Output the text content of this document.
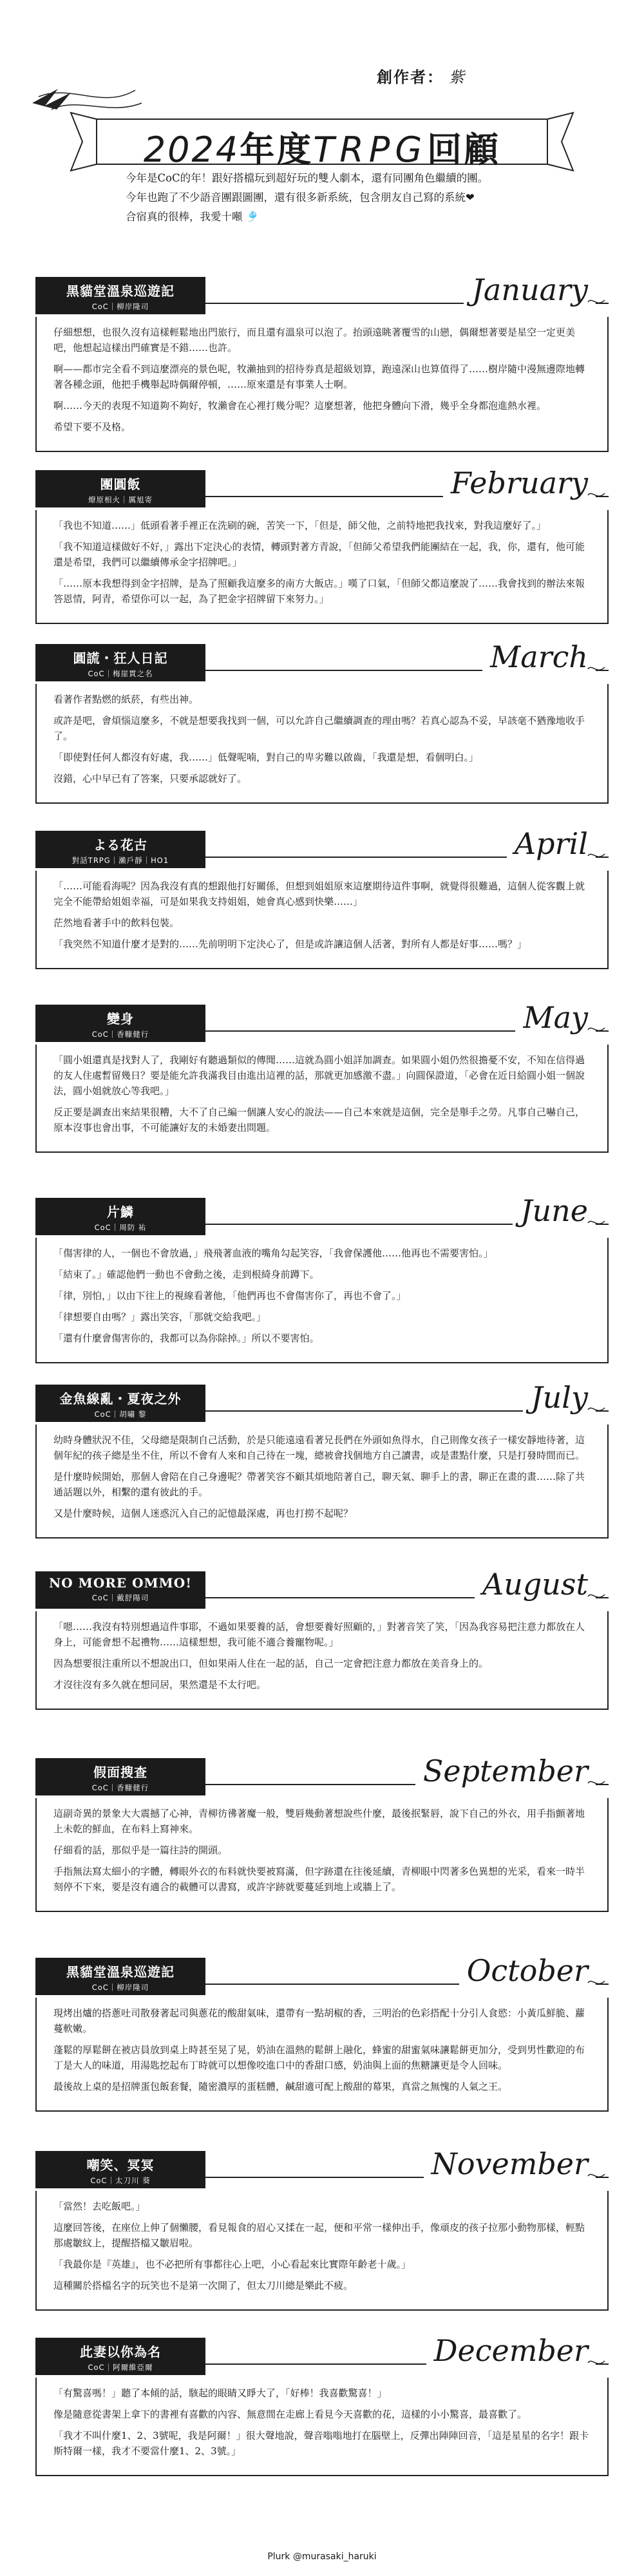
創作者： 紫
2024年度TRPG回顧

今年是CoC的年！跟好搭檔玩到超好玩的雙人劇本，還有同團角色繼續的團。

今年也跑了不少語音團跟圖團，還有很多新系統，包含朋友自己寫的系統❤

合宿真的很棒，我愛十噸 🎐

黑貓堂溫泉巡遊記
CoC｜柳岸隆司	January

仔細想想，也很久沒有這樣輕鬆地出門旅行，而且還有溫泉可以泡了。抬頭遠眺著覆雪的山戀，偶爾想著要是星空一定更美吧，他想起這樣出門確實是不錯……也許。

啊——都市完全看不到這麼漂亮的景色呢，牧瀨抽到的招待券真是超級划算，跑遠深山也算值得了……樹岸隨中漫無邊際地轉著各種念頭，他把手機舉起時偶爾停頓，……原來還是有事業人士啊。

啊……今天的表現不知道夠不夠好，牧瀨會在心裡打幾分呢？這麼想著，他把身體向下滑，幾乎全身都泡進熱水裡。

希望下要不及格。

團圓飯
燎原相火｜厲旭寄	February

「我也不知道……」低頭看著手裡正在洗刷的碗，苦笑一下，「但是，師父他，之前特地把我找來，對我這麼好了。」

「我不知道這樣做好不好，」露出下定決心的表情，轉頭對著方青說，「但師父希望我們能團結在一起，我，你，還有，他可能還是希望，我們可以繼續傳承金字招牌吧。」

「……原本我想得到金字招牌，是為了照顧我這麼多的南方大飯店。」嘆了口氣，「但師父都這麼說了……我會找到的辦法來報答恩情，阿青，希望你可以一起，為了把金字招牌留下來努力。」

圓謊・狂人日記
CoC｜梅崖貫之名	March

看著作者點燃的紙菸，有些出神。

或許是吧，會煩惱這麼多，不就是想要我找到一個，可以允許自己繼續調查的理由嗎？若真心認為不妥，早該毫不猶豫地收手了。

「即使對任何人都沒有好處，我……」低聲呢喃，對自己的卑劣難以啟齒，「我還是想，看個明白。」

沒錯，心中早已有了答案，只要承認就好了。

よる花古
對話TRPG｜瀨戶靜｜HO1	April

「……可能看海呢？因為我沒有真的想跟他打好關係，但想到姐姐原來這麼期待這件事啊，就覺得很難過，這個人從客觀上就完全不能帶給姐姐幸福，可是如果我支持姐姐，她會真心感到快樂……」

茫然地看著手中的飲料包裝。

「我突然不知道什麼才是對的……先前明明下定決心了，但是或許讓這個人活著，對所有人都是好事……嗎？」

變身
CoC｜香糠健行	May

「圓小姐還真是找對人了，我剛好有聽過類似的傳聞……這就為圓小姐詳加調查。如果圓小姐仍然很擔憂不安，不知在信得過的友人住處暫留幾日？要是能允許我滿我目由進出這裡的話，那就更加感激不盡。」向圓保證道，「必會在近日給圓小姐一個說法，圓小姐就放心等我吧。」

反正要是調查出來結果很糟，大不了自己編一個讓人安心的說法——自己本來就是這個，完全是舉手之勞。凡事自己嚇自己，原本沒事也會出事，不可能讓好友的未婚妻出問題。

片鱗
CoC｜周防 祐	June

「傷害律的人，一個也不會放過，」飛飛著血液的嘴角勾起笑容，「我會保護他……他再也不需要害怕。」

「結束了。」確認他們一動也不會動之後，走到根綺身前蹲下。

「律，別怕，」以由下往上的視線看著他，「他們再也不會傷害你了，再也不會了。」

「律想要自由嗎？」露出笑容，「那就交給我吧。」

「還有什麼會傷害你的，我都可以為你除掉。」所以不要害怕。

金魚線亂・夏夜之外
CoC｜胡嘯 黎	July

幼時身體狀況不佳，父母總是限制自己活動，於是只能遠遠看著兄長們在外頭如魚得水，自己則像女孩子一樣安靜地待著，這個年紀的孩子總是坐不住，所以不會有人來和自己待在一塊，總被會找個地方自己讀書，或是畫點什麼，只是打發時間而已。

是什麼時候開始，那個人會陪在自己身邊呢？帶著笑容不顧其煩地陪著自己，聊天氣、聊手上的書，聊正在畫的畫……除了共通話題以外，相繫的還有彼此的手。

又是什麼時候，這個人迷惑沉入自己的記憶最深處，再也打撈不起呢？

NO MORE OMMO!
CoC｜戴舒陽司	August

「嗯……我沒有特別想過這件事耶，不過如果要養的話，會想要養好照顧的，」對著音笑了笑，「因為我容易把注意力都放在人身上，可能會想不起禮物……這樣想想，我可能不適合養寵物呢。」

因為想要很注重所以不想說出口，但如果兩人住在一起的話，自己一定會把注意力都放在美音身上的。

才沒往沒有多久就在想同居，果然還是不太行吧。

假面搜查
CoC｜香糠健行	September

這副奇異的景象大大震撼了心神，青柳彷彿著魔一般，雙唇幾動著想說些什麼，最後抿緊唇，說下自己的外衣，用手指顫著地上未乾的鮮血，在布料上寫神來。

仔細看的話，那似乎是一篇往詩的開頭。

手指無法寫太細小的字體，轉眼外衣的布料就快要被寫滿，但字跡還在往後延續，青柳眼中閃著多色異想的光采，看來一時半刻停不下來，要是沒有適合的載體可以書寫，或許字跡就要蔓延到地上或牆上了。

黑貓堂溫泉巡遊記
CoC｜柳岸隆司	October

現烤出爐的搭蔥吐司散發著起司與蔥花的酸甜氣味，還帶有一點胡椒的香，三明治的色彩搭配十分引人食慾：小黃瓜鮮脆、蘿蔓軟嫩。

蓬鬆的厚鬆餅在被店員放到桌上時甚至晃了晃，奶油在溫熱的鬆餅上融化，蜂蜜的甜蜜氣味讓鬆餅更加分，受到男性歡迎的布丁是大人的味道，用湯匙挖起布丁時就可以想像咬進口中的香甜口感，奶油與上面的焦糖讓更是令人回味。

最後故上桌的是招牌蛋包飯套餐，隨密濃厚的蛋糕體，鹹甜適可配上酸甜的幕果，真當之無愧的人氣之王。

嘲笑、冥冥
CoC｜太刀川 葵	November

「當然！去吃飯吧。」

這麼回答後，在座位上伸了個懶腰，看見報食的眉心又揉在一起，便和平常一樣伸出手，像頑皮的孩子拉那小動物那樣，輕點那處皺紋上，提醒搭檔又皺眉啦。

「我最你是『英雄』，也不必把所有事都往心上吧，小心看起來比實際年齡老十歲。」

這種關於搭檔名字的玩笑也不是第一次開了，但太刀川總是樂此不疲。

此妻以你為名
CoC｜阿爾維亞爾	December

「有驚喜嗎！」聽了本傾的話，駭起的眼睛又睜大了，「好棒！我喜歡驚喜！」

像是隨意從書架上拿下的書裡有喜歡的內容、無意間在走廊上看見今天喜歡的花，這樣的小小驚喜，最喜歡了。

「我才不叫什麼1、2、3號呢，我是阿爾！」很大聲地說，聲音嗡嗡地打在腦壁上，反彈出陣陣回音，「這是星星的名字！跟卡斯特爾一樣，我才不要當什麼1、2、3號。」

Plurk @murasaki_haruki
